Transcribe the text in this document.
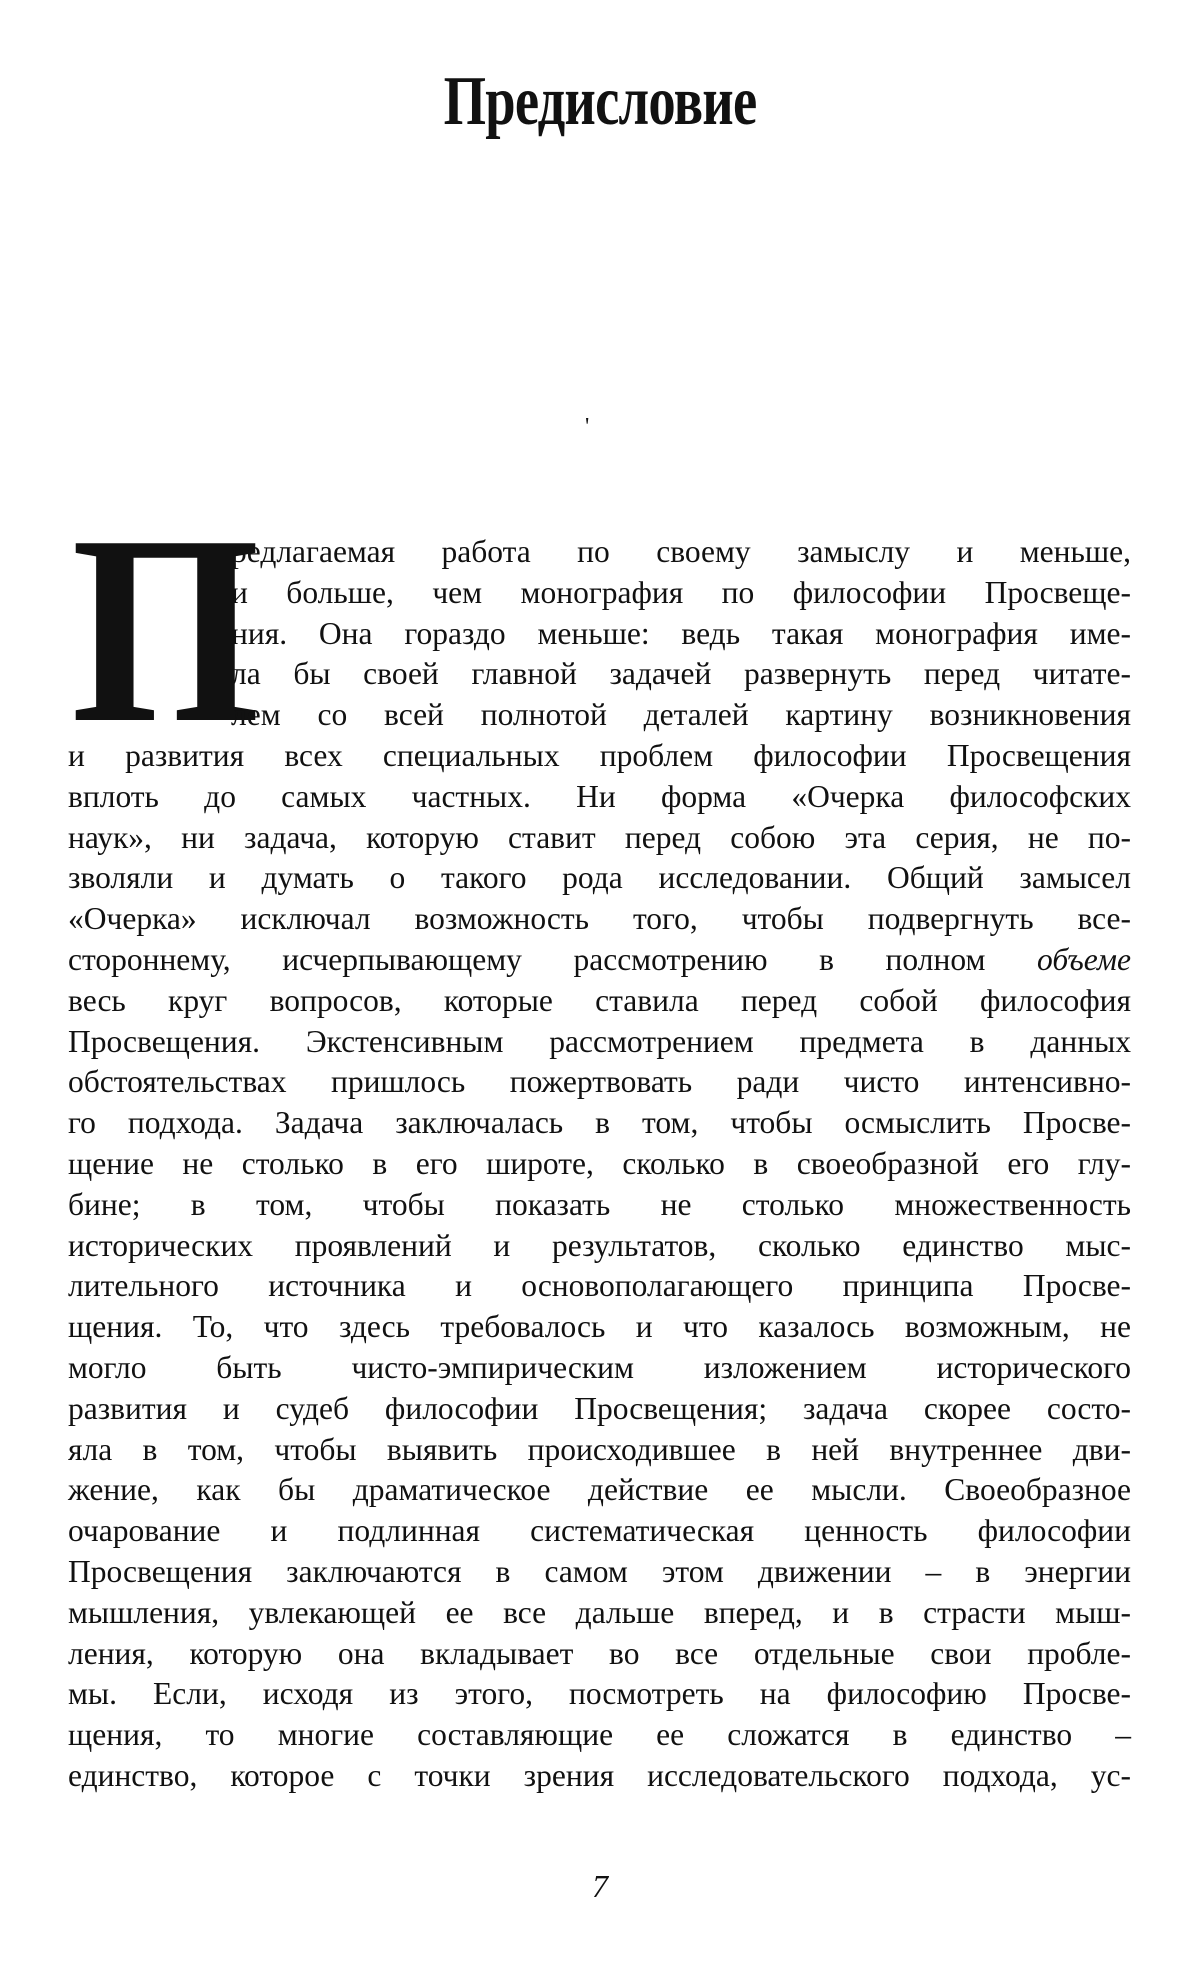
Предисловие
'
П
редлагаемая работа по своему замыслу и меньше,
и больше, чем монография по философии Просвеще-
ния. Она гораздо меньше: ведь такая монография име-
ла бы своей главной задачей развернуть перед читате-
лем со всей полнотой деталей картину возникновения
и развития всех специальных проблем философии Просвещения
вплоть до самых частных. Ни форма «Очерка философских
наук», ни задача, которую ставит перед собою эта серия, не по-
зволяли и думать о такого рода исследовании. Общий замысел
«Очерка» исключал возможность того, чтобы подвергнуть все-
стороннему, исчерпывающему рассмотрению в полном объеме
весь круг вопросов, которые ставила перед собой философия
Просвещения. Экстенсивным рассмотрением предмета в данных
обстоятельствах пришлось пожертвовать ради чисто интенсивно-
го подхода. Задача заключалась в том, чтобы осмыслить Просве-
щение не столько в его широте, сколько в своеобразной его глу-
бине; в том, чтобы показать не столько множественность
исторических проявлений и результатов, сколько единство мыс-
лительного источника и основополагающего принципа Просве-
щения. То, что здесь требовалось и что казалось возможным, не
могло быть чисто-эмпирическим изложением исторического
развития и судеб философии Просвещения; задача скорее состо-
яла в том, чтобы выявить происходившее в ней внутреннее дви-
жение, как бы драматическое действие ее мысли. Своеобразное
очарование и подлинная систематическая ценность философии
Просвещения заключаются в самом этом движении – в энергии
мышления, увлекающей ее все дальше вперед, и в страсти мыш-
ления, которую она вкладывает во все отдельные свои пробле-
мы. Если, исходя из этого, посмотреть на философию Просве-
щения, то многие составляющие ее сложатся в единство –
единство, которое с точки зрения исследовательского подхода, ус-
7
